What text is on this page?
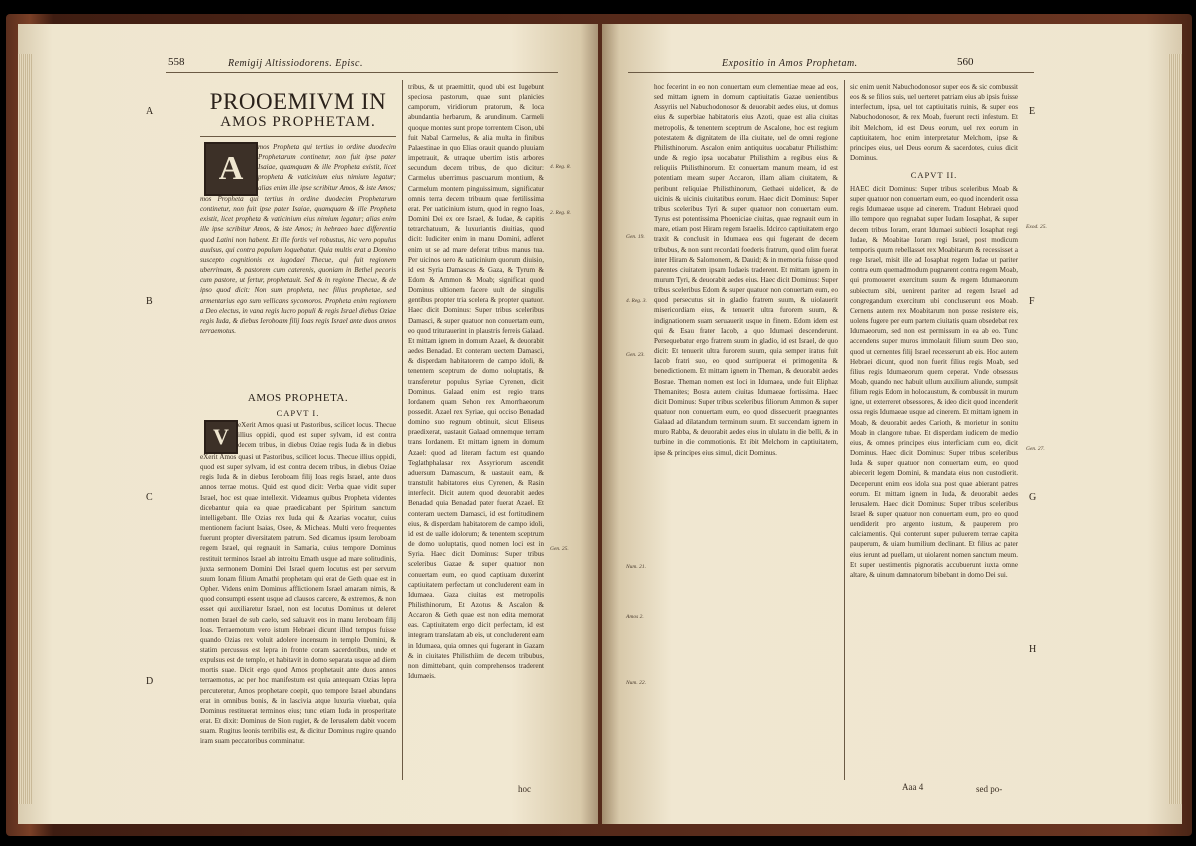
558	Remigij Altissiodorens. Episc.
A
B
C
D
4. Reg. 8.
2. Reg. 8.
Gen. 25.
PROOEMIVM IN
AMOS PROPHETAM.
A

mos Propheta qui tertius in ordine duodecim Prophetarum continetur, non fuit ipse pater Isaiae, quamquam & ille Propheta existit, licet propheta & vaticinium eius nimium legatur; alias enim ille ipse scribitur Amos, & iste Amos;

mos Propheta qui tertius in ordine duodecim Prophetarum continetur, non fuit ipse pater Isaiae, quamquam & ille Propheta existit, licet propheta & vaticinium eius nimium legatur; alias enim ille ipse scribitur Amos, & iste Amos; in hebraeo haec differentia quod Latini non habent. Et ille fortis vel robustus, hic vero populus auulsus, qui contra populum loquebatur. Quia multis erat a Domino suscepto cognitionis ex iugodaei Thecue, qui fuit regionem uberrimam, & pastorem cum caterenis, quoniam in Bethel pecoris cum pastore, ut fertur, prophetauit. Sed & in regione Thecue, & de ipso quod dicit: Non sum propheta, nec filius prophetae, sed armentarius ego sum vellicans sycomoros. Propheta enim regionem a Deo electus, in vana regis lucro populi & regis Israel diebus Oziae regis Iuda, & diebus Ieroboam filij Ioas regis Israel ante duos annos terraemotus.

AMOS PROPHETA.
CAPVT I.
V	eXerit Amos quasi ut Pastoribus, scilicet locus. Thecue illius oppidi, quod est super sylvam, id est contra decem tribus, in diebus Oziae regis Iuda & in diebus

eXerit Amos quasi ut Pastoribus, scilicet locus. Thecue illius oppidi, quod est super sylvam, id est contra decem tribus, in diebus Oziae regis Iuda & in diebus Ieroboam filij Ioas regis Israel, ante duos annos terrae motus. Quid est quod dicit: Verba quae vidit super Israel, hoc est quae intellexit. Videamus quibus Propheta videntes dicebantur quia ea quae praedicabant per Spiritum sanctum intelligebant. Ille Ozias rex Iuda qui & Azarias vocatur, cuius mentionem faciunt Isaias, Osee, & Micheas. Multi vero frequentes fuerunt propter diversitatem patrum. Sed dicamus ipsum Ieroboam regem Israel, qui regnauit in Samaria, cuius tempore Dominus restituit terminos Israel ab introitu Emath usque ad mare solitudinis, juxta sermonem Domini Dei Israel quem locutus est per servum suum Ionam filium Amathi prophetam qui erat de Geth quae est in Opher. Videns enim Dominus afflictionem Israel amaram nimis, & quod consumpti essent usque ad clausos carcere, & extremos, & non esset qui auxiliaretur Israel, non est locutus Dominus ut deleret nomen Israel de sub caelo, sed saluavit eos in manu Ieroboam filij Ioas. Terraemotum vero istum Hebraei dicunt illud tempus fuisse quando Ozias rex voluit adolere incensum in templo Domini, & statim percussus est lepra in fronte coram sacerdotibus, unde et expulsus est de templo, et habitavit in domo separata usque ad diem mortis suae. Dicit ergo quod Amos prophetauit ante duos annos terraemotus, ac per hoc manifestum est quia antequam Ozias lepra percuteretur, Amos prophetare coepit, quo tempore Israel abundans erat in omnibus bonis, & in lascivia atque luxuria viuebat, quia Dominus restituerat terminos eius; tunc etiam Iuda in prosperitate erat. Et dixit: Dominus de Sion rugiet, & de Ierusalem dabit vocem suam. Rugitus leonis terribilis est, & dicitur Dominus rugire quando iram suam peccatoribus comminatur.

tribus, & ut praemittit, quod ubi est Iugebunt speciosa pastorum, quae sunt planicies camporum, viridiorum pratorum, & loca abundantia herbarum, & arundinum. Carmeli quoque montes sunt prope torrentem Cison, ubi fuit Nabal Carmelus, & alia multa in finibus Palaestinae in quo Elias orauit quando pluuiam impetrauit, & utraque ubertim istis arbores secundum decem tribus, de quo dicitur: Carmelus uberrimus pascuarum montium, & Carmelum montem pinguissimum, significatur omnis terra decem tribuum quae fertilissima erat. Per uaticinium istum, quod in regno Ioas, Domini Dei ex ore Israel, & Iudae, & capitis tetrarchatuum, & luxuriantis diuitias, quod dicit: Iudiciter enim in manu Domini, adferet enim ut se ad mare deferat tribus manus tua. Per uicinos uero & uaticinium quorum diuisio, id est Syria Damascus & Gaza, & Tyrum & Edom & Ammon & Moab; significat quod Dominus ultionem facere uult de singulis gentibus propter tria scelera & propter quatuor. Haec dicit Dominus: Super tribus sceleribus Damasci, & super quatuor non conuertam eum, eo quod triturauerint in plaustris ferreis Galaad. Et mittam ignem in domum Azael, & deuorabit aedes Benadad. Et conteram uectem Damasci, & disperdam habitatorem de campo idoli, & tenentem sceptrum de domo uoluptatis, & transferetur populus Syriae Cyrenen, dicit Dominus. Galaad enim est regio trans Iordanem quam Sehon rex Amorrhaeorum possedit. Azael rex Syriae, qui occiso Benadad domino suo regnum obtinuit, sicut Eliseus praedixerat, uastauit Galaad omnemque terram trans Iordanem. Et mittam ignem in domum Azael: quod ad literam factum est quando Teglathphalasar rex Assyriorum ascendit aduersum Damascum, & uastauit eam, & transtulit habitatores eius Cyrenen, & Rasin interfecit. Dicit autem quod deuorabit aedes Benadad quia Benadad pater fuerat Azael. Et conteram uectem Damasci, id est fortitudinem eius, & disperdam habitatorem de campo idoli, id est de ualle idolorum; & tenentem sceptrum de domo uoluptatis, quod nomen loci est in Syria. Haec dicit Dominus: Super tribus sceleribus Gazae & super quatuor non conuertam eum, eo quod captiuam duxerint captiuitatem perfectam ut concluderent eam in Idumaea. Gaza ciuitas est metropolis Philisthinorum, Et Azotus & Ascalon & Accaron & Geth quae est non edita memorat eas. Captiuitatem ergo dicit perfectam, id est integram translatam ab eis, ut concluderent eam in Idumaea, quia omnes qui fugerant in Gazam & in ciuitates Philisthiim de decem tribubus, non dimittebant, quin comprehensos traderent Idumaeis.

hoc
Expositio in Amos Prophetam.	560
E
F
G
H
Gen. 19.
4. Reg. 3.
Exod. 25.
Gen. 23.
Num. 21.
Amos 2.
Gen. 27.
Num. 22.

hoc fecerint in eo non conuertam eum clementiae meae ad eos, sed mittam ignem in domum captiuitatis Gazae uenientibus Assyriis uel Nabuchodonosor & deuorabit aedes eius, ut domus eius & superbiae habitatoris eius Azoti, quae est alia ciuitas metropolis, & tenentem sceptrum de Ascalone, hoc est regium potestatem & dignitatem de illa ciuitate, uel de omni regione Philisthinorum. Ascalon enim antiquitus uocabatur Philisthim: unde & regio ipsa uocabatur Philisthim a regibus eius & reliquiis Philisthinorum. Et conuertam manum meam, id est potentiam meam super Accaron, illam aliam ciuitatem, & peribunt reliquiae Philisthinorum, Gethaei uidelicet, & de uicinis & uicinis ciuitatibus eorum. Haec dicit Dominus: Super tribus sceleribus Tyri & super quatuor non conuertam eum. Tyrus est potentissima Phoeniciae ciuitas, quae regnauit eum in mare, etiam post Hiram regem Israelis. Idcirco captiuitatem ergo traxit & conclusit in Idumaea eos qui fugerant de decem tribubus, & non sunt recordati foederis fratrum, quod olim fuerat inter Hiram & Salomonem, & Dauid; & in memoria fuisse quod parentes ciuitatem ipsam Iudaeis traderent. Et mittam ignem in murum Tyri, & deuorabit aedes eius. Haec dicit Dominus: Super tribus sceleribus Edom & super quatuor non conuertam eum, eo quod persecutus sit in gladio fratrem suum, & uiolauerit misericordiam eius, & tenuerit ultra furorem suum, & indignationem suam seruauerit usque in finem. Edom idem est qui & Esau frater Iacob, a quo Idumaei descenderunt. Persequebatur ergo fratrem suum in gladio, id est Israel, de quo dicit: Et tenuerit ultra furorem suum, quia semper iratus fuit Iacob fratri suo, eo quod surripuerat ei primogenita & benedictionem. Et mittam ignem in Theman, & deuorabit aedes Bosrae. Theman nomen est loci in Idumaea, unde fuit Eliphaz Themanites; Bosra autem ciuitas Idumaeae fortissima. Haec dicit Dominus: Super tribus sceleribus filiorum Ammon & super quatuor non conuertam eum, eo quod dissecuerit praegnantes Galaad ad dilatandum terminum suum. Et succendam ignem in muro Rabba, & deuorabit aedes eius in ululatu in die belli, & in turbine in die commotionis. Et ibit Melchom in captiuitatem, ipse & principes eius simul, dicit Dominus.

sic enim uenit Nabuchodonosor super eos & sic combussit eos & se filios suis, uel uerteret patriam eius ab ipsis fuisse interfectum, ipsa, uel tot captiuitatis ruinis, & super eos Nabuchodonosor, & rex Moab, fuerunt recti infestum. Et ibit Melchom, id est Deus eorum, uel rex eorum in captiuitatem, hoc enim interpretatur Melchom, ipse & principes eius, uel Deus eorum & sacerdotes, cuius dicit Dominus.

CAPVT II.

HAEC dicit Dominus: Super tribus sceleribus Moab & super quatuor non conuertam eum, eo quod incenderit ossa regis Idumaeae usque ad cinerem. Tradunt Hebraei quod illo tempore quo regnabat super Iudam Iosaphat, & super decem tribus Ioram, erant Idumaei subiecti Iosaphat regi Iudae, & Moabitae Ioram regi Israel, post modicum temporis quum rebellasset rex Moabitarum & recessisset a rege Israel, misit ille ad Iosaphat regem Iudae ut pariter contra eum quemadmodum pugnarent contra regem Moab, qui promoueret exercitum suum & regem Idumaeorum subiectum sibi, uenirent pariter ad regem Israel ad congregandum exercitum ubi concluserunt eos Moab. Cernens autem rex Moabitarum non posse resistere eis, uolens fugere per eum partem ciuitatis quam obsedebat rex Idumaeorum, sed non est permissum in ea ab eo. Tunc accendens super muros immolauit filium suum Deo suo, quod ut cernentes filij Israel recesserunt ab eis. Hoc autem Hebraei dicunt, quod non fuerit filius regis Moab, sed filius regis Idumaeorum quem ceperat. Vnde obsessus Moab, quando nec habuit ullum auxilium aliunde, sumpsit filium regis Edom in holocaustum, & combussit in murum igne, ut exterreret obsessores, & ideo dicit quod incenderit ossa regis Idumaeae usque ad cinerem. Et mittam ignem in Moab, & deuorabit aedes Carioth, & morietur in sonitu Moab in clangore tubae. Et disperdam iudicem de medio eius, & omnes principes eius interficiam cum eo, dicit Dominus. Haec dicit Dominus: Super tribus sceleribus Iuda & super quatuor non conuertam eum, eo quod abiecerit legem Domini, & mandata eius non custodierit. Deceperunt enim eos idola sua post quae abierant patres eorum. Et mittam ignem in Iuda, & deuorabit aedes Ierusalem. Haec dicit Dominus: Super tribus sceleribus Israel & super quatuor non conuertam eum, pro eo quod uendiderit pro argento iustum, & pauperem pro calciamentis. Qui conterunt super puluerem terrae capita pauperum, & uiam humilium declinant. Et filius ac pater eius ierunt ad puellam, ut uiolarent nomen sanctum meum. Et super uestimentis pignoratis accubuerunt iuxta omne altare, & uinum damnatorum bibebant in domo Dei sui.

Aaa 4	sed po-
